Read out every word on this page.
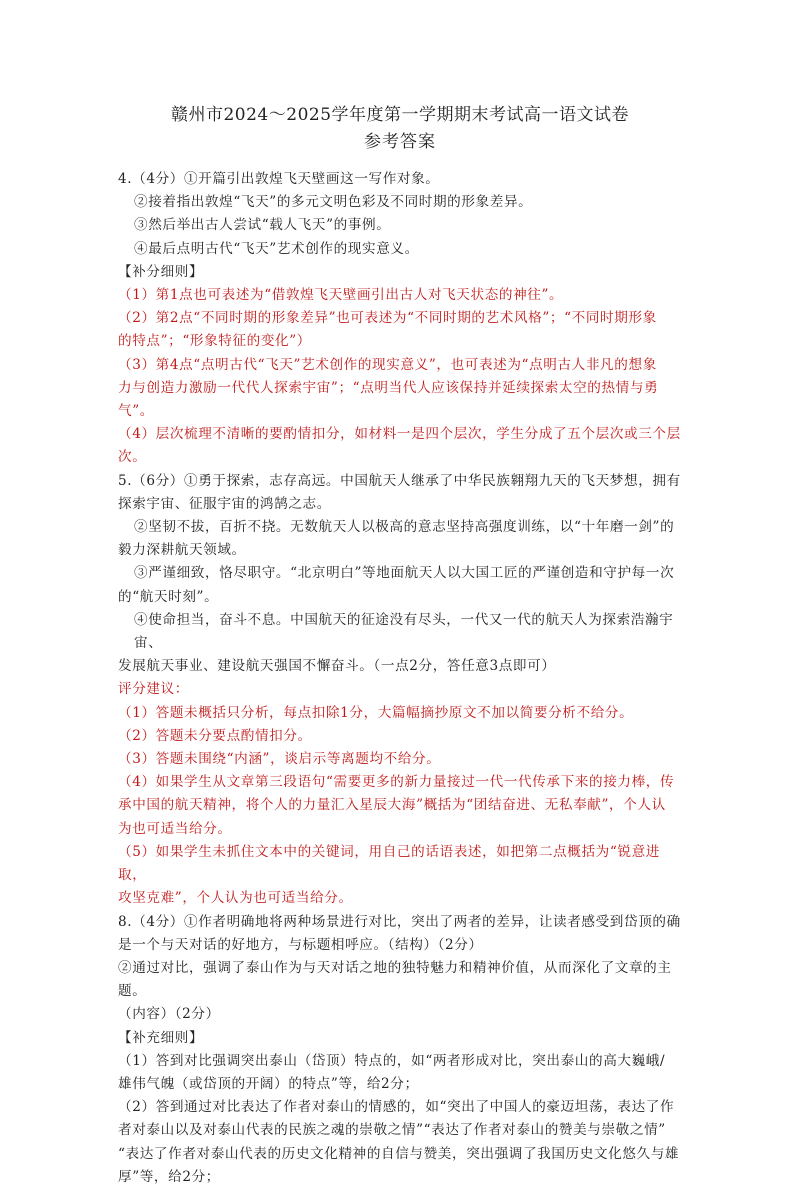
赣州市2024～2025学年度第一学期期末考试高一语文试卷
参考答案

4.（4分）①开篇引出敦煌飞天壁画这一写作对象。

②接着指出敦煌“飞天”的多元文明色彩及不同时期的形象差异。

③然后举出古人尝试“载人飞天”的事例。

④最后点明古代“飞天”艺术创作的现实意义。

【补分细则】

（1）第1点也可表述为“借敦煌飞天壁画引出古人对飞天状态的神往”。

（2）第2点“不同时期的形象差异”也可表述为“不同时期的艺术风格”；“不同时期形象

的特点”；“形象特征的变化”）

（3）第4点“点明古代“飞天”艺术创作的现实意义”，也可表述为“点明古人非凡的想象

力与创造力激励一代代人探索宇宙”；“点明当代人应该保持并延续探索太空的热情与勇气”。

（4）层次梳理不清晰的要酌情扣分，如材料一是四个层次，学生分成了五个层次或三个层

次。

5.（6分）①勇于探索，志存高远。中国航天人继承了中华民族翱翔九天的飞天梦想，拥有

探索宇宙、征服宇宙的鸿鹄之志。

②坚韧不拔，百折不挠。无数航天人以极高的意志坚持高强度训练，以“十年磨一剑”的

毅力深耕航天领域。

③严谨细致，恪尽职守。“北京明白”等地面航天人以大国工匠的严谨创造和守护每一次

的“航天时刻”。

④使命担当，奋斗不息。中国航天的征途没有尽头，一代又一代的航天人为探索浩瀚宇宙、

发展航天事业、建设航天强国不懈奋斗。（一点2分，答任意3点即可）

评分建议：

（1）答题未概括只分析，每点扣除1分，大篇幅摘抄原文不加以简要分析不给分。

（2）答题未分要点酌情扣分。

（3）答题未围绕“内涵”，谈启示等离题均不给分。

（4）如果学生从文章第三段语句“需要更多的新力量接过一代一代传承下来的接力棒，传

承中国的航天精神，将个人的力量汇入星辰大海”概括为“团结奋进、无私奉献”，个人认

为也可适当给分。

（5）如果学生未抓住文本中的关键词，用自己的话语表述，如把第二点概括为“锐意进取，

攻坚克难”，个人认为也可适当给分。

8.（4分）①作者明确地将两种场景进行对比，突出了两者的差异，让读者感受到岱顶的确

是一个与天对话的好地方，与标题相呼应。（结构）（2分）

②通过对比，强调了泰山作为与天对话之地的独特魅力和精神价值，从而深化了文章的主题。

（内容）（2分）

【补充细则】

（1）答到对比强调突出泰山（岱顶）特点的，如“两者形成对比，突出泰山的高大巍峨/

雄伟气魄（或岱顶的开阔）的特点”等，给2分；

（2）答到通过对比表达了作者对泰山的情感的，如“突出了中国人的豪迈坦荡，表达了作

者对泰山以及对泰山代表的民族之魂的崇敬之情”“表达了作者对泰山的赞美与崇敬之情”

“表达了作者对泰山代表的历史文化精神的自信与赞美，突出强调了我国历史文化悠久与雄

厚”等，给2分；
